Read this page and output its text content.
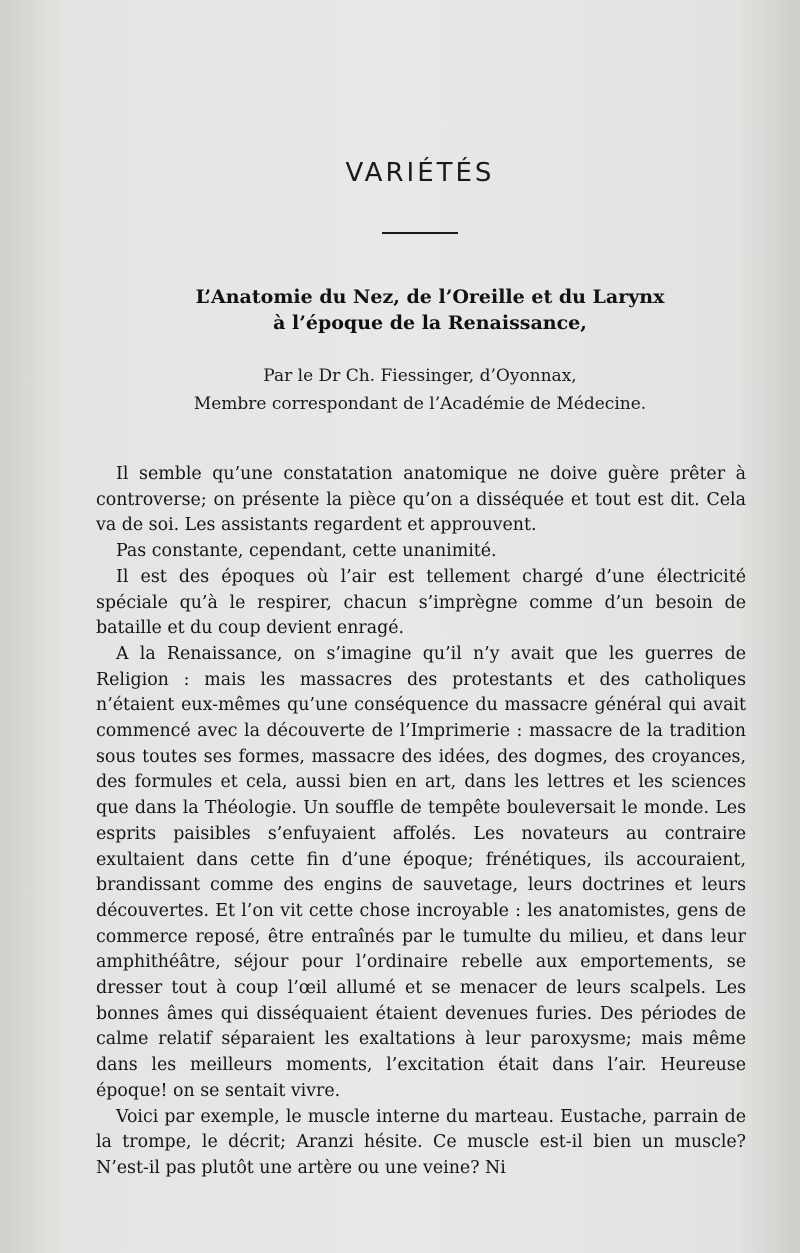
VARIÉTÉS
L’Anatomie du Nez, de l’Oreille et du Larynx
à l’époque de la Renaissance,
Par le Dr Ch. Fiessinger, d’Oyonnax,
Membre correspondant de l’Académie de Médecine.

Il semble qu’une constatation anatomique ne doive guère prêter à controverse; on présente la pièce qu’on a disséquée et tout est dit. Cela va de soi. Les assistants regardent et approuvent.

Pas constante, cependant, cette unanimité.

Il est des époques où l’air est tellement chargé d’une électricité spéciale qu’à le respirer, chacun s’imprègne comme d’un besoin de bataille et du coup devient enragé.

A la Renaissance, on s’imagine qu’il n’y avait que les guerres de Religion : mais les massacres des protestants et des catholiques n’étaient eux-mêmes qu’une conséquence du massacre général qui avait commencé avec la découverte de l’Imprimerie : massacre de la tradition sous toutes ses formes, massacre des idées, des dogmes, des croyances, des formules et cela, aussi bien en art, dans les lettres et les sciences que dans la Théologie. Un souffle de tempête bouleversait le monde. Les esprits paisibles s’enfuyaient affolés. Les novateurs au contraire exultaient dans cette fin d’une époque; frénétiques, ils accouraient, brandissant comme des engins de sauvetage, leurs doctrines et leurs découvertes. Et l’on vit cette chose incroyable : les anatomistes, gens de commerce reposé, être entraînés par le tumulte du milieu, et dans leur amphithéâtre, séjour pour l’ordinaire rebelle aux emportements, se dresser tout à coup l’œil allumé et se menacer de leurs scalpels. Les bonnes âmes qui disséquaient étaient devenues furies. Des périodes de calme relatif séparaient les exaltations à leur paroxysme; mais même dans les meilleurs moments, l’excitation était dans l’air. Heureuse époque! on se sentait vivre.

Voici par exemple, le muscle interne du marteau. Eustache, parrain de la trompe, le décrit; Aranzi hésite. Ce muscle est-il bien un muscle? N’est-il pas plutôt une artère ou une veine? Ni
